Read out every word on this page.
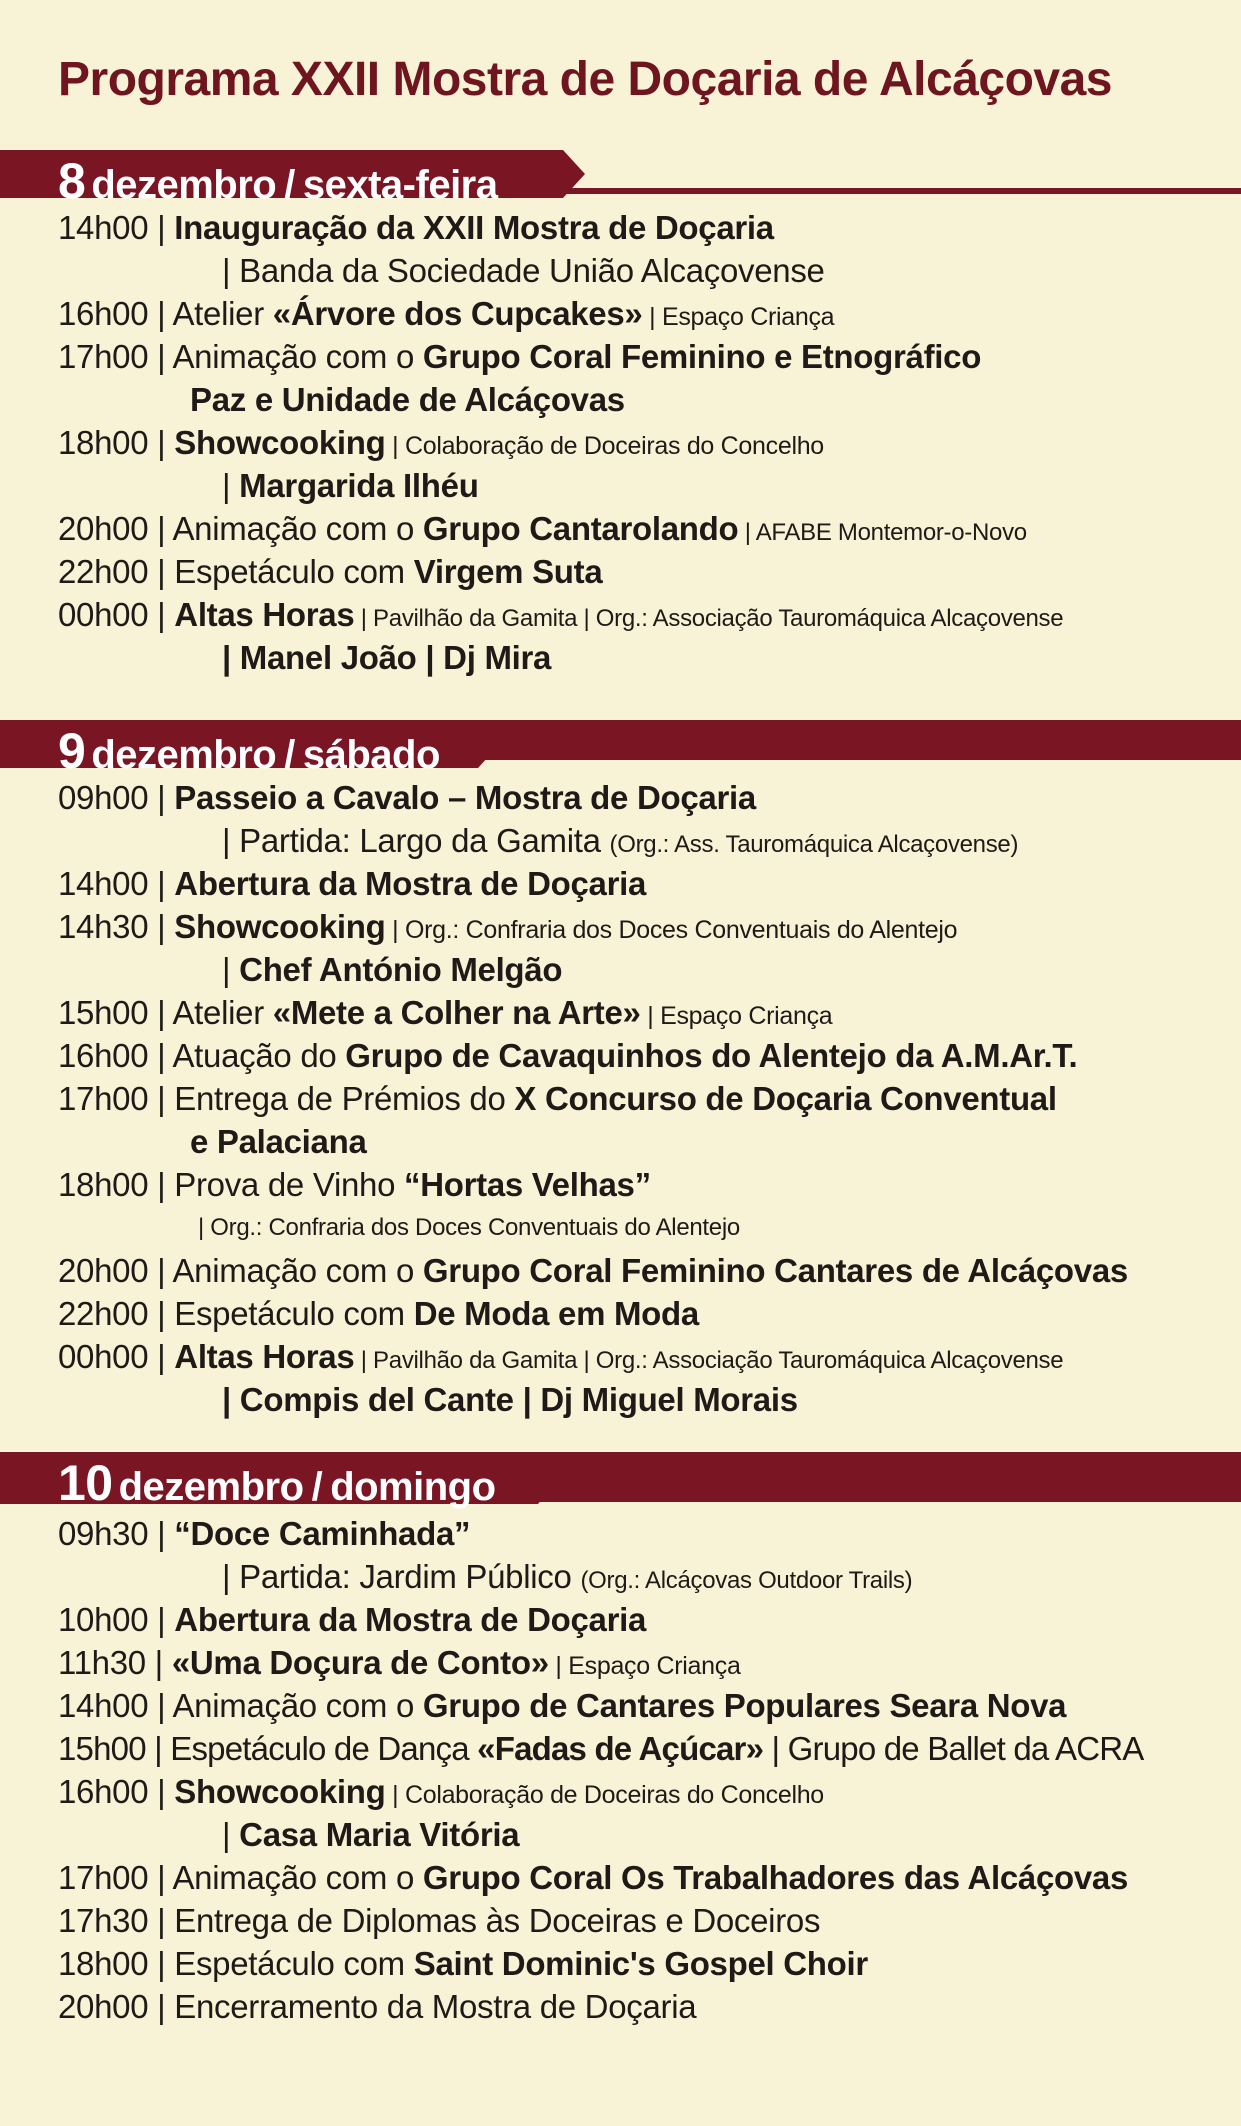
Programa XXII Mostra de Doçaria de Alcáçovas
8 dezembro / sexta-feira
14h00 | Inauguração da XXII Mostra de Doçaria
| Banda da Sociedade União Alcaçovense
16h00 | Atelier «Árvore dos Cupcakes» | Espaço Criança
17h00 | Animação com o Grupo Coral Feminino e Etnográfico
Paz e Unidade de Alcáçovas
18h00 | Showcooking | Colaboração de Doceiras do Concelho
| Margarida Ilhéu
20h00 | Animação com o Grupo Cantarolando | AFABE Montemor-o-Novo
22h00 | Espetáculo com Virgem Suta
00h00 | Altas Horas | Pavilhão da Gamita | Org.: Associação Tauromáquica Alcaçovense
| Manel João | Dj Mira
9 dezembro / sábado
09h00 | Passeio a Cavalo – Mostra de Doçaria
| Partida: Largo da Gamita (Org.: Ass. Tauromáquica Alcaçovense)
14h00 | Abertura da Mostra de Doçaria
14h30 | Showcooking | Org.: Confraria dos Doces Conventuais do Alentejo
| Chef António Melgão
15h00 | Atelier «Mete a Colher na Arte» | Espaço Criança
16h00 | Atuação do Grupo de Cavaquinhos do Alentejo da A.M.Ar.T.
17h00 | Entrega de Prémios do X Concurso de Doçaria Conventual
e Palaciana
18h00 | Prova de Vinho “Hortas Velhas”
| Org.: Confraria dos Doces Conventuais do Alentejo
20h00 | Animação com o Grupo Coral Feminino Cantares de Alcáçovas
22h00 | Espetáculo com De Moda em Moda
00h00 | Altas Horas | Pavilhão da Gamita | Org.: Associação Tauromáquica Alcaçovense
| Compis del Cante | Dj Miguel Morais
10 dezembro / domingo
09h30 | “Doce Caminhada”
| Partida: Jardim Público (Org.: Alcáçovas Outdoor Trails)
10h00 | Abertura da Mostra de Doçaria
11h30 | «Uma Doçura de Conto» | Espaço Criança
14h00 | Animação com o Grupo de Cantares Populares Seara Nova
15h00 | Espetáculo de Dança «Fadas de Açúcar» | Grupo de Ballet da ACRA
16h00 | Showcooking | Colaboração de Doceiras do Concelho
| Casa Maria Vitória
17h00 | Animação com o Grupo Coral Os Trabalhadores das Alcáçovas
17h30 | Entrega de Diplomas às Doceiras e Doceiros
18h00 | Espetáculo com Saint Dominic's Gospel Choir
20h00 | Encerramento da Mostra de Doçaria
